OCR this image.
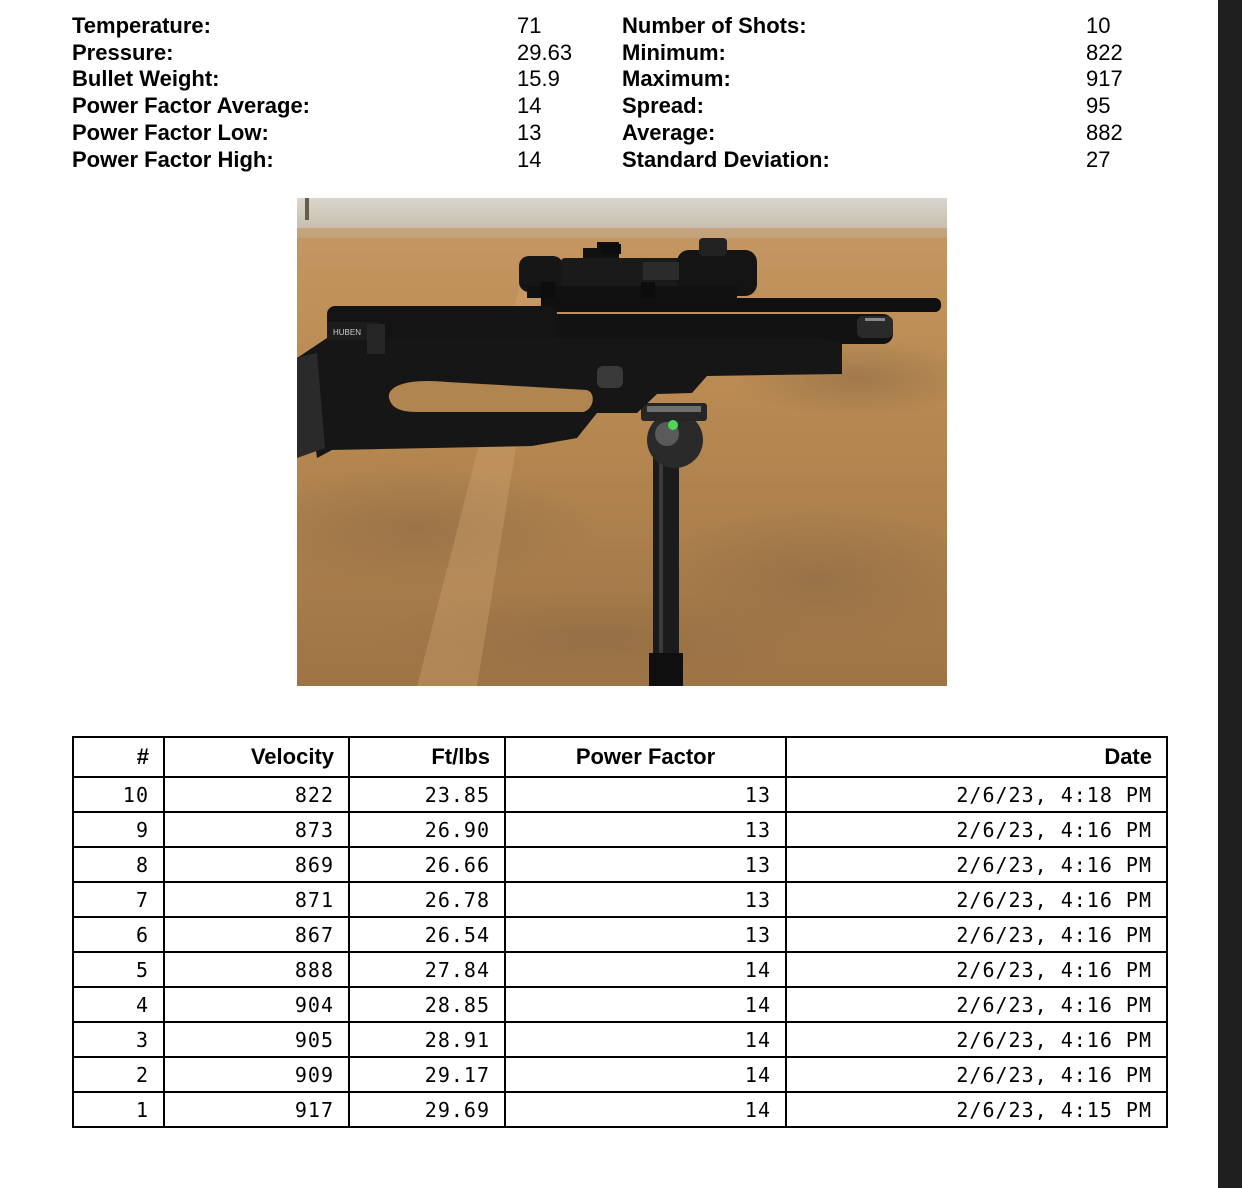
Temperature:	71	Number of Shots:	10
Pressure:	29.63 Minimum:	822
Bullet Weight:	15.9	Maximum:	917
Power Factor Average:	14	Spread:	95
Power Factor Low:	13	Average:	882
Power Factor High:	14	Standard Deviation:	27
HUBEN
#	Velocity	Ft/lbs	Power Factor	Date
10	822	23.85	13	2/6/23, 4:18 PM
9	873	26.90	13	2/6/23, 4:16 PM
8	869	26.66	13	2/6/23, 4:16 PM
7	871	26.78	13	2/6/23, 4:16 PM
6	867	26.54	13	2/6/23, 4:16 PM
5	888	27.84	14	2/6/23, 4:16 PM
4	904	28.85	14	2/6/23, 4:16 PM
3	905	28.91	14	2/6/23, 4:16 PM
2	909	29.17	14	2/6/23, 4:16 PM
1	917	29.69	14	2/6/23, 4:15 PM
